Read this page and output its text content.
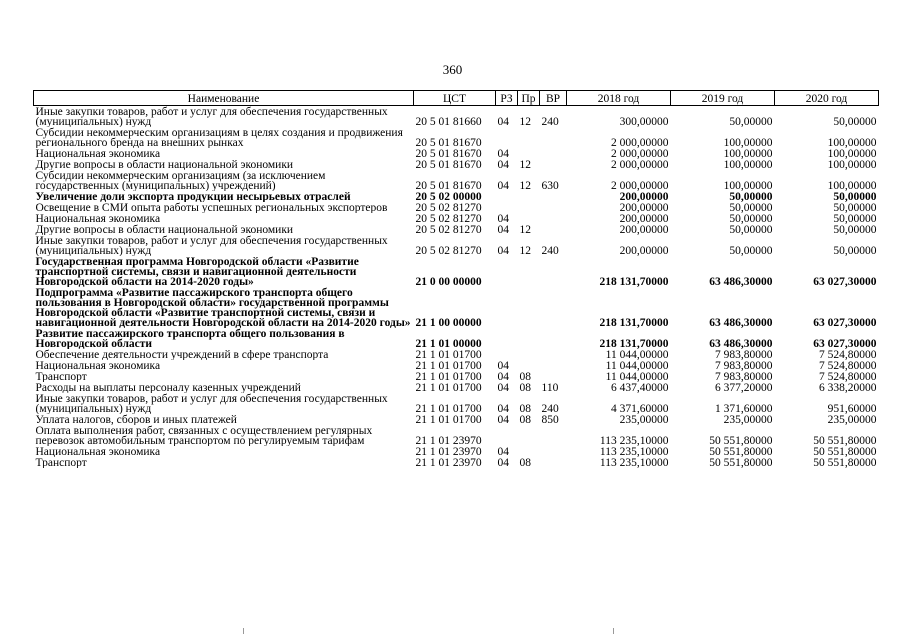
360
Наименование	ЦСТ	РЗ	Пр	ВР	2018 год	2019 год	2020 год
Иные закупки товаров, работ и услуг для обеспечения государственных (муниципальных) нужд	20 5 01 81660	04	12	240	300,00000	50,00000	50,00000
Субсидии некоммерческим организациям в целях создания и продвижения регионального бренда на внешних рынках	20 5 01 81670				2 000,00000	100,00000	100,00000
Национальная экономика	20 5 01 81670	04			2 000,00000	100,00000	100,00000
Другие вопросы в области национальной экономики	20 5 01 81670	04	12		2 000,00000	100,00000	100,00000
Субсидии некоммерческим организациям (за исключением государственных (муниципальных) учреждений)	20 5 01 81670	04	12	630	2 000,00000	100,00000	100,00000
Увеличение доли экспорта продукции несырьевых отраслей	20 5 02 00000				200,00000	50,00000	50,00000
Освещение в СМИ опыта работы успешных региональных экспортеров	20 5 02 81270				200,00000	50,00000	50,00000
Национальная экономика	20 5 02 81270	04			200,00000	50,00000	50,00000
Другие вопросы в области национальной экономики	20 5 02 81270	04	12		200,00000	50,00000	50,00000
Иные закупки товаров, работ и услуг для обеспечения государственных (муниципальных) нужд	20 5 02 81270	04	12	240	200,00000	50,00000	50,00000
Государственная программа Новгородской области «Развитие транспортной системы, связи и навигационной деятельности Новгородской области на 2014-2020 годы»	21 0 00 00000				218 131,70000	63 486,30000	63 027,30000
Подпрограмма «Развитие пассажирского транспорта общего пользования в Новгородской области» государственной программы Новгородской области «Развитие транспортной системы, связи и навигационной деятельности Новгородской области на 2014-2020 годы»	21 1 00 00000				218 131,70000	63 486,30000	63 027,30000
Развитие пассажирского транспорта общего пользования в Новгородской области	21 1 01 00000				218 131,70000	63 486,30000	63 027,30000
Обеспечение деятельности учреждений в сфере транспорта	21 1 01 01700				11 044,00000	7 983,80000	7 524,80000
Национальная экономика	21 1 01 01700	04			11 044,00000	7 983,80000	7 524,80000
Транспорт	21 1 01 01700	04	08		11 044,00000	7 983,80000	7 524,80000
Расходы на выплаты персоналу казенных учреждений	21 1 01 01700	04	08	110	6 437,40000	6 377,20000	6 338,20000
Иные закупки товаров, работ и услуг для обеспечения государственных (муниципальных) нужд	21 1 01 01700	04	08	240	4 371,60000	1 371,60000	951,60000
Уплата налогов, сборов и иных платежей	21 1 01 01700	04	08	850	235,00000	235,00000	235,00000
Оплата выполнения работ, связанных с осуществлением регулярных перевозок автомобильным транспортом по регулируемым тарифам	21 1 01 23970				113 235,10000	50 551,80000	50 551,80000
Национальная экономика	21 1 01 23970	04			113 235,10000	50 551,80000	50 551,80000
Транспорт	21 1 01 23970	04	08		113 235,10000	50 551,80000	50 551,80000
